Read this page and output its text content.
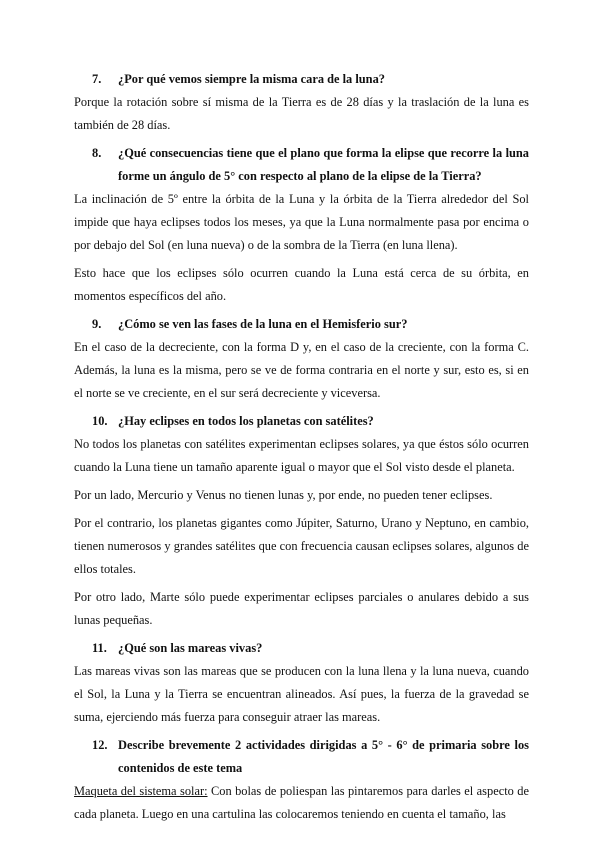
7.	¿Por qué vemos siempre la misma cara de la luna?

Porque la rotación sobre sí misma de la Tierra es de 28 días y la traslación de la luna es también de 28 días.

8.	¿Qué consecuencias tiene que el plano que forma la elipse que recorre la luna forme un ángulo de 5° con respecto al plano de la elipse de la Tierra?

La inclinación de 5º entre la órbita de la Luna y la órbita de la Tierra alrededor del Sol impide que haya eclipses todos los meses, ya que la Luna normalmente pasa por encima o por debajo del Sol (en luna nueva) o de la sombra de la Tierra (en luna llena).

Esto hace que los eclipses sólo ocurren cuando la Luna está cerca de su órbita, en momentos específicos del año.

9.	¿Cómo se ven las fases de la luna en el Hemisferio sur?

En el caso de la decreciente, con la forma D y, en el caso de la creciente, con la forma C. Además, la luna es la misma, pero se ve de forma contraria en el norte y sur, esto es, si en el norte se ve creciente, en el sur será decreciente y viceversa.

10. ¿Hay eclipses en todos los planetas con satélites?

No todos los planetas con satélites experimentan eclipses solares, ya que éstos sólo ocurren cuando la Luna tiene un tamaño aparente igual o mayor que el Sol visto desde el planeta.

Por un lado, Mercurio y Venus no tienen lunas y, por ende, no pueden tener eclipses.

Por el contrario, los planetas gigantes como Júpiter, Saturno, Urano y Neptuno, en cambio, tienen numerosos y grandes satélites que con frecuencia causan eclipses solares, algunos de ellos totales.

Por otro lado, Marte sólo puede experimentar eclipses parciales o anulares debido a sus lunas pequeñas.

11. ¿Qué son las mareas vivas?

Las mareas vivas son las mareas que se producen con la luna llena y la luna nueva, cuando el Sol, la Luna y la Tierra se encuentran alineados. Así pues, la fuerza de la gravedad se suma, ejerciendo más fuerza para conseguir atraer las mareas.

12. Describe brevemente 2 actividades dirigidas a 5° - 6° de primaria sobre los contenidos de este tema

Maqueta del sistema solar: Con bolas de poliespan las pintaremos para darles el aspecto de cada planeta. Luego en una cartulina las colocaremos teniendo en cuenta el tamaño, las
